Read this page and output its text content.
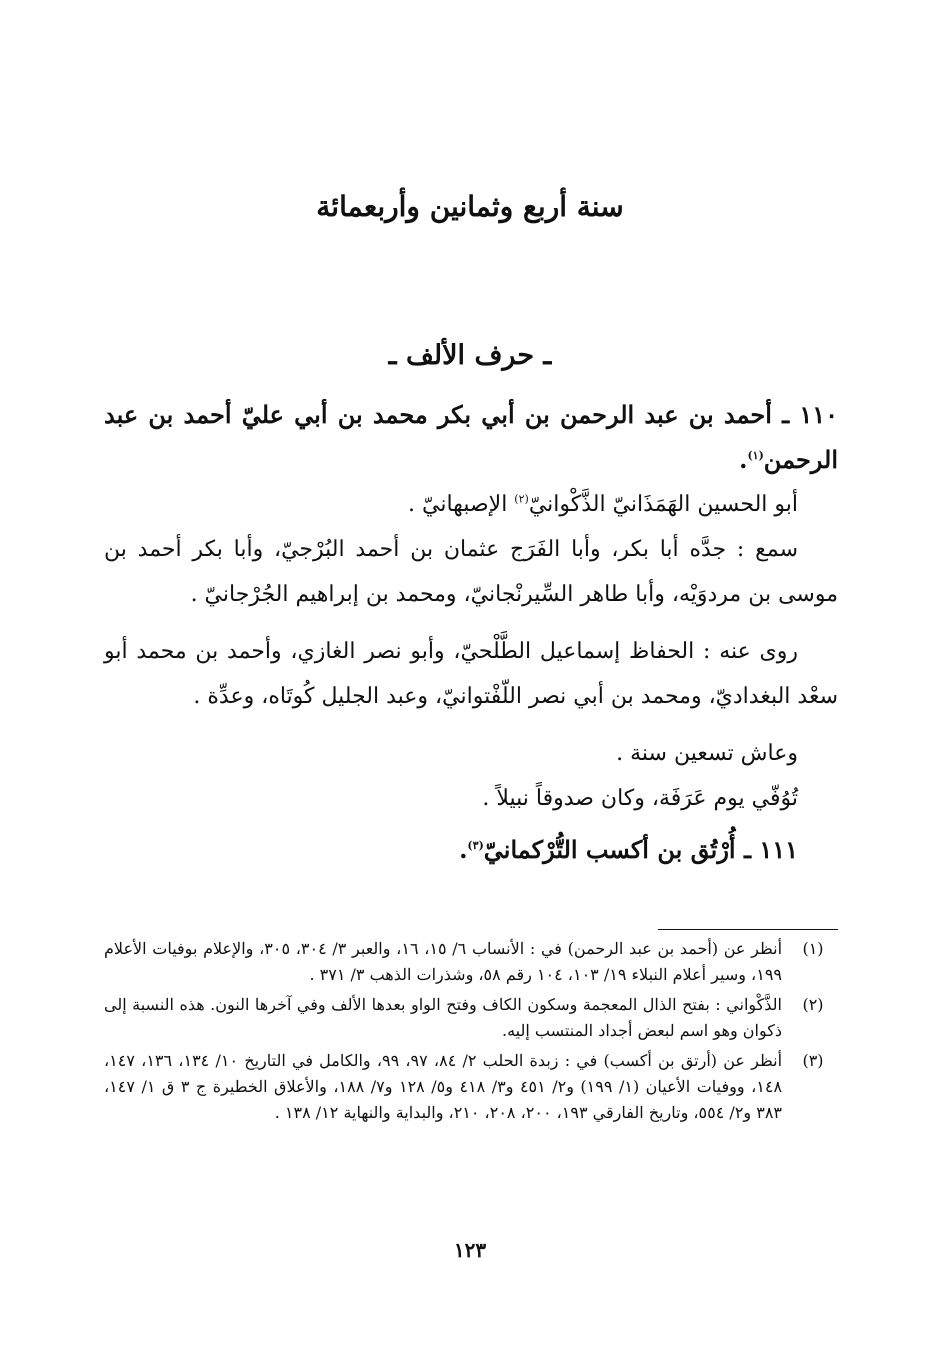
سنة أربع وثمانين وأربعمائة
ـ حرف الألف ـ

١١٠ ـ أحمد بن عبد الرحمن بن أبي بكر محمد بن أبي عليّ أحمد بن عبد الرحمن$^{(١)}$.

أبو الحسين الهَمَذَانيّ الذَّكْوانيّ$^{(٢)}$ الإصبهانيّ .

سمع : جدَّه أبا بكر، وأبا الفَرَج عثمان بن أحمد البُرْجيّ، وأبا بكر أحمد بن موسى بن مردوَيْه، وأبا طاهر السِّيرنْجانيّ، ومحمد بن إبراهيم الجُرْجانيّ .

روى عنه : الحفاظ إسماعيل الطَّلْحيّ، وأبو نصر الغازي، وأحمد بن محمد أبو سعْد البغداديّ، ومحمد بن أبي نصر اللّفْتوانيّ، وعبد الجليل كُوتَاه، وعدِّة .

وعاش تسعين سنة .

تُوُفّي يوم عَرَفَة، وكان صدوقاً نبيلاً .

١١١ ـ أُرْتُق بن أكسب التُّرْكمانيّ$^{(٣)}$.

(١)
أنظر عن (أحمد بن عبد الرحمن) في : الأنساب ٦/ ١٥، ١٦، والعبر ٣/ ٣٠٤، ٣٠٥، والإعلام بوفيات الأعلام ١٩٩، وسير أعلام النبلاء ١٩/ ١٠٣، ١٠٤ رقم ٥٨، وشذرات الذهب ٣/ ٣٧١ .
(٢)
الذَّكْواني : بفتح الذال المعجمة وسكون الكاف وفتح الواو بعدها الألف وفي آخرها النون. هذه النسبة إلى ذكوان وهو اسم لبعض أجداد المنتسب إليه.
(٣)
أنظر عن (أرتق بن أكسب) في : زبدة الحلب ٢/ ٨٤، ٩٧، ٩٩، والكامل في التاريخ ١٠/ ١٣٤، ١٣٦، ١٤٧، ١٤٨، ووفيات الأعيان (١/ ١٩٩) و٢/ ٤٥١ و٣/ ٤١٨ و٥/ ١٢٨ و٧/ ١٨٨، والأعلاق الخطيرة ج ٣ ق ١/ ١٤٧، ٣٨٣ و٢/ ٥٥٤، وتاريخ الفارقي ١٩٣، ٢٠٠، ٢٠٨، ٢١٠، والبداية والنهاية ١٢/ ١٣٨ .
١٢٣
